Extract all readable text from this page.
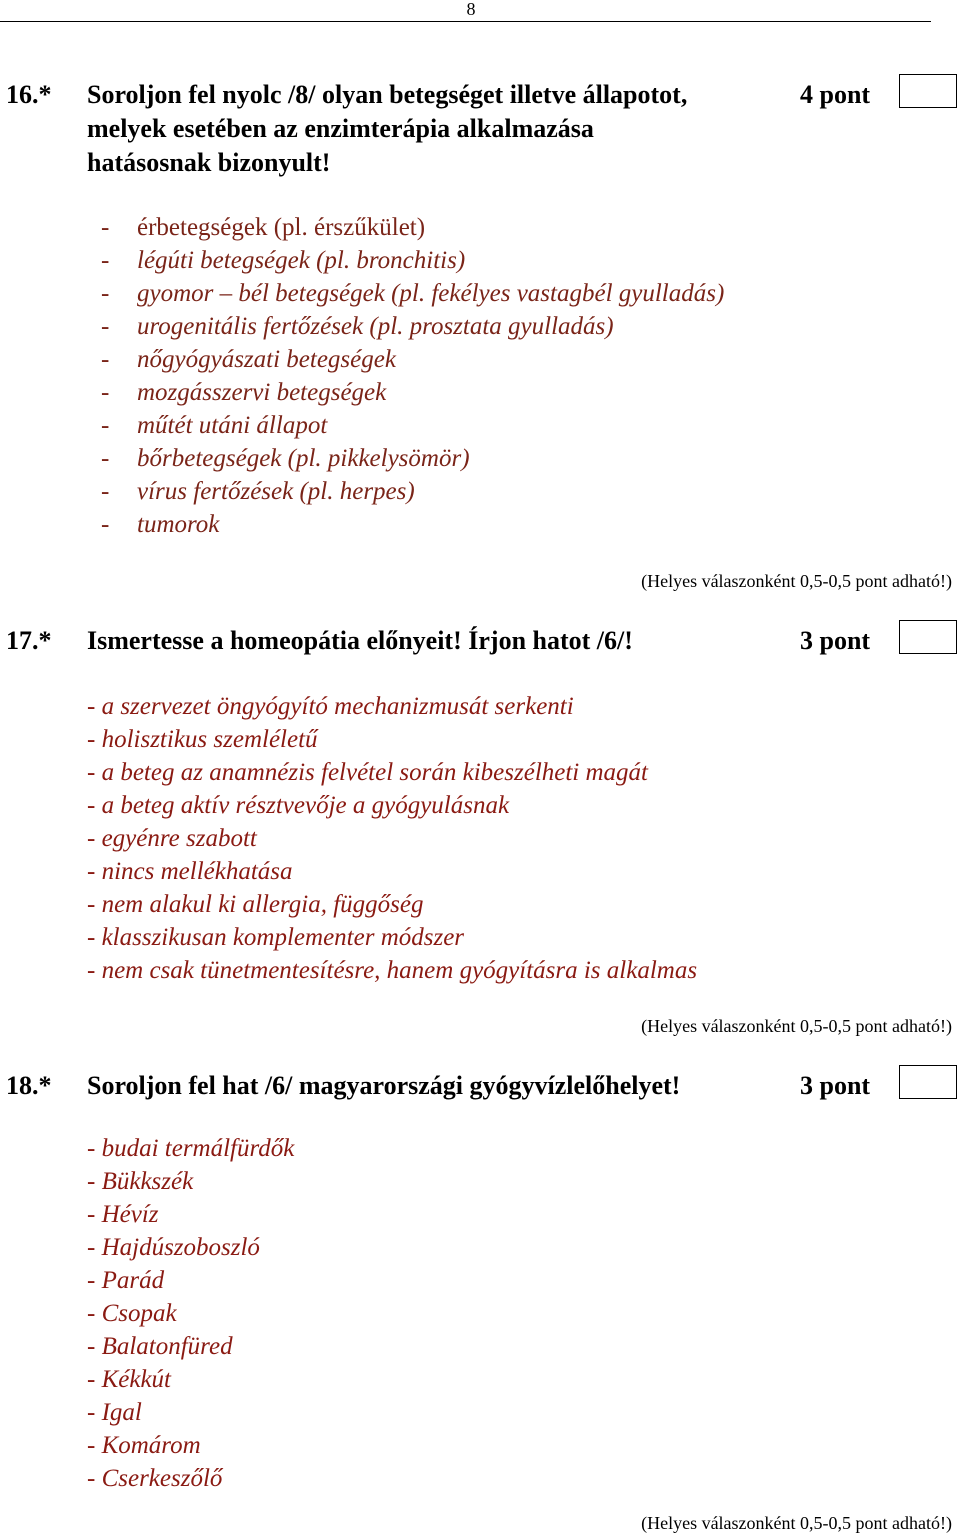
8
16.* Soroljon fel nyolc /8/ olyan betegséget illetve állapotot,
melyek esetében az enzimterápia alkalmazása
hatásosnak bizonyult!
4 pont
- érbetegségek (pl. érszűkület)
- légúti betegségek (pl. bronchitis)
- gyomor – bél betegségek (pl. fekélyes vastagbél gyulladás)
- urogenitális fertőzések (pl. prosztata gyulladás)
- nőgyógyászati betegségek
- mozgásszervi betegségek
- műtét utáni állapot
- bőrbetegségek (pl. pikkelysömör)
- vírus fertőzések (pl. herpes)
- tumorok
(Helyes válaszonként 0,5-0,5 pont adható!)
17.* Ismertesse a homeopátia előnyeit! Írjon hatot /6/!	3 pont
- a szervezet öngyógyító mechanizmusát serkenti
- holisztikus szemléletű
- a beteg az anamnézis felvétel során kibeszélheti magát
- a beteg aktív résztvevője a gyógyulásnak
- egyénre szabott
- nincs mellékhatása
- nem alakul ki allergia, függőség
- klasszikusan komplementer módszer
- nem csak tünetmentesítésre, hanem gyógyításra is alkalmas
(Helyes válaszonként 0,5-0,5 pont adható!)
18.* Soroljon fel hat /6/ magyarországi gyógyvízlelőhelyet!	3 pont
- budai termálfürdők
- Bükkszék
- Hévíz
- Hajdúszoboszló
- Parád
- Csopak
- Balatonfüred
- Kékkút
- Igal
- Komárom
- Cserkeszőlő
(Helyes válaszonként 0,5-0,5 pont adható!)
